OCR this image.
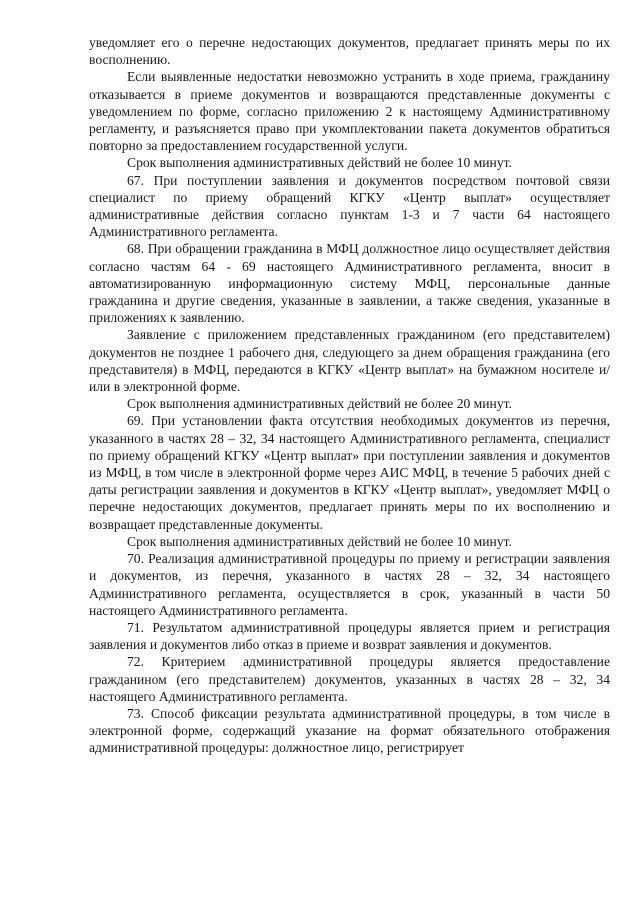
уведомляет его о перечне недостающих документов, предлагает принять меры по их восполнению.

Если выявленные недостатки невозможно устранить в ходе приема, гражданину отказывается в приеме документов и возвращаются представленные документы с уведомлением по форме, согласно приложению 2 к настоящему Административному регламенту, и разъясняется право при укомплектовании пакета документов обратиться повторно за предоставлением государственной услуги.

Срок выполнения административных действий не более 10 минут.

67. При поступлении заявления и документов посредством почтовой связи специалист по приему обращений КГКУ «Центр выплат» осуществляет административные действия согласно пунктам 1-3 и 7 части 64 настоящего Административного регламента.

68. При обращении гражданина в МФЦ должностное лицо осуществляет действия согласно частям 64 - 69 настоящего Административного регламента, вносит в автоматизированную информационную систему МФЦ, персональные данные гражданина и другие сведения, указанные в заявлении, а также сведения, указанные в приложениях к заявлению.

Заявление с приложением представленных гражданином (его представителем) документов не позднее 1 рабочего дня, следующего за днем обращения гражданина (его представителя) в МФЦ, передаются в КГКУ «Центр выплат» на бумажном носителе и/или в электронной форме.

Срок выполнения административных действий не более 20 минут.

69. При установлении факта отсутствия необходимых документов из перечня, указанного в частях 28 – 32, 34 настоящего Административного регламента, специалист по приему обращений КГКУ «Центр выплат» при поступлении заявления и документов из МФЦ, в том числе в электронной форме через АИС МФЦ, в течение 5 рабочих дней с даты регистрации заявления и документов в КГКУ «Центр выплат», уведомляет МФЦ о перечне недостающих документов, предлагает принять меры по их восполнению и возвращает представленные документы.

Срок выполнения административных действий не более 10 минут.

70. Реализация административной процедуры по приему и регистрации заявления и документов, из перечня, указанного в частях 28 – 32, 34 настоящего Административного регламента, осуществляется в срок, указанный в части 50 настоящего Административного регламента.

71. Результатом административной процедуры является прием и регистрация заявления и документов либо отказ в приеме и возврат заявления и документов.

72. Критерием административной процедуры является предоставление гражданином (его представителем) документов, указанных в частях 28 – 32, 34 настоящего Административного регламента.

73. Способ фиксации результата административной процедуры, в том числе в электронной форме, содержащий указание на формат обязательного отображения административной процедуры: должностное лицо, регистрирует
